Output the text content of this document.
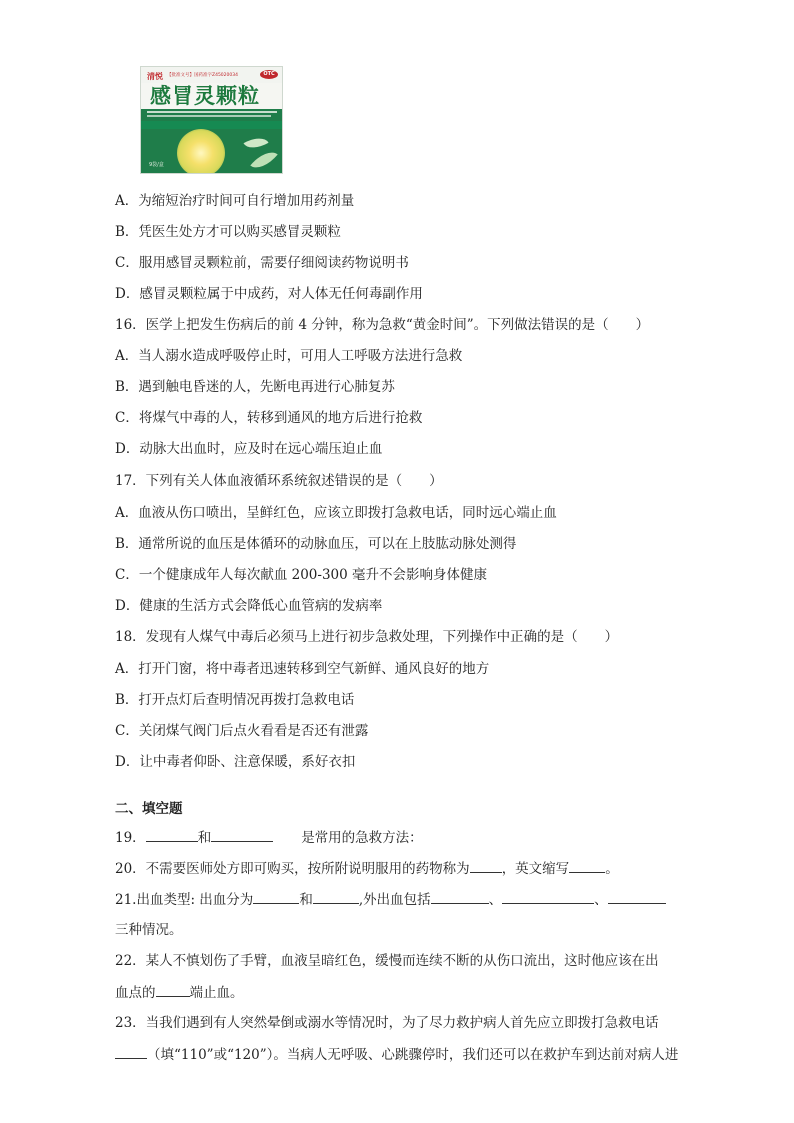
清悦 【批准文号】国药准字Z45020034	OTC
感冒灵颗粒
9袋/盒
A．为缩短治疗时间可自行增加用药剂量
B．凭医生处方才可以购买感冒灵颗粒
C．服用感冒灵颗粒前，需要仔细阅读药物说明书
D．感冒灵颗粒属于中成药，对人体无任何毒副作用
16．医学上把发生伤病后的前 4 分钟，称为急救“黄金时间”。下列做法错误的是（　　）
A．当人溺水造成呼吸停止时，可用人工呼吸方法进行急救
B．遇到触电昏迷的人，先断电再进行心肺复苏
C．将煤气中毒的人，转移到通风的地方后进行抢救
D．动脉大出血时，应及时在远心端压迫止血
17．下列有关人体血液循环系统叙述错误的是（　　）
A．血液从伤口喷出，呈鲜红色，应该立即拨打急救电话，同时远心端止血
B．通常所说的血压是体循环的动脉血压，可以在上肢肱动脉处测得
C．一个健康成年人每次献血 200-300 毫升不会影响身体健康
D．健康的生活方式会降低心血管病的发病率
18．发现有人煤气中毒后必须马上进行初步急救处理，下列操作中正确的是（　　）
A．打开门窗，将中毒者迅速转移到空气新鲜、通风良好的地方
B．打开点灯后查明情况再拨打急救电话
C．关闭煤气阀门后点火看看是否还有泄露
D．让中毒者仰卧、注意保暖，系好衣扣
二、填空题
19．	和	是常用的急救方法：
20．不需要医师处方即可购买，按所附说明服用的药物称为 ，英文缩写	。
21.出血类型: 出血分为	和	,外出血包括	、	、
三种情况。
22．某人不慎划伤了手臂，血液呈暗红色，缓慢而连续不断的从伤口流出，这时他应该在出
血点的	端止血。
23．当我们遇到有人突然晕倒或溺水等情况时，为了尽力救护病人首先应立即拨打急救电话
（填“110”或“120”）。当病人无呼吸、心跳骤停时，我们还可以在救护车到达前对病人进
